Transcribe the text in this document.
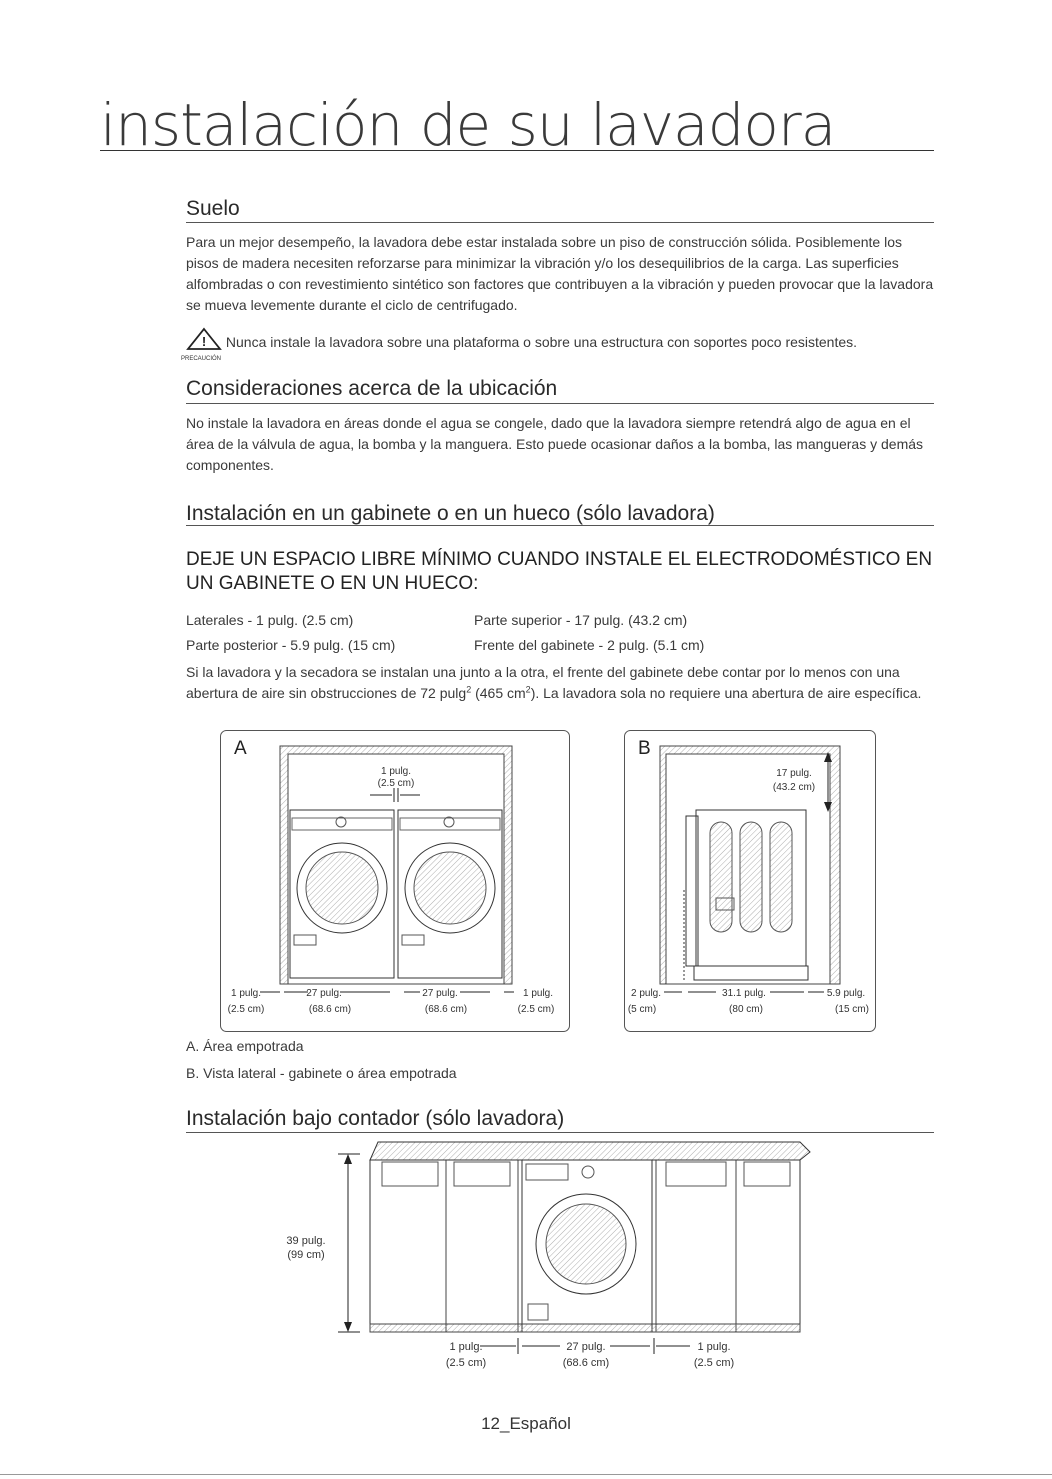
instalación de su lavadora
Suelo

Para un mejor desempeño, la lavadora debe estar instalada sobre un piso de construcción sólida. Posiblemente los pisos de madera necesiten reforzarse para minimizar la vibración y/o los desequilibrios de la carga. Las superficies alfombradas o con revestimiento sintético son factores que contribuyen a la vibración y pueden provocar que la lavadora se mueva levemente durante el ciclo de centrifugado.

! Nunca instale la lavadora sobre una plataforma o sobre una estructura con soportes poco resistentes.
PRECAUCIÓN
Consideraciones acerca de la ubicación

No instale la lavadora en áreas donde el agua se congele, dado que la lavadora siempre retendrá algo de agua en el área de la válvula de agua, la bomba y la manguera. Esto puede ocasionar daños a la bomba, las mangueras y demás componentes.

Instalación en un gabinete o en un hueco (sólo lavadora)

DEJE UN ESPACIO LIBRE MÍNIMO CUANDO INSTALE EL ELECTRODOMÉSTICO EN UN GABINETE O EN UN HUECO:

Laterales - 1 pulg. (2.5 cm)	Parte superior - 17 pulg. (43.2 cm)
Parte posterior - 5.9 pulg. (15 cm)	Frente del gabinete - 2 pulg. (5.1 cm)

Si la lavadora y la secadora se instalan una junto a la otra, el frente del gabinete debe contar por lo menos con una abertura de aire sin obstrucciones de 72 pulg$^2$ (465 $cm^2$). La lavadora sola no requiere una abertura de aire específica.

A
1 pulg.
(2.5 cm)
1 pulg.	27 pulg.	27 pulg.	1 pulg.
(2.5 cm)	(68.6 cm)	(68.6 cm)	(2.5 cm)
B
17 pulg.
(43.2 cm)
2 pulg.	31.1 pulg.	5.9 pulg.
(5 cm)	(80 cm)	(15 cm)
A. Área empotrada
B. Vista lateral - gabinete o área empotrada
Instalación bajo contador (sólo lavadora)
39 pulg.
(99 cm)
1 pulg.	27 pulg.	1 pulg.
(2.5 cm)	(68.6 cm)	(2.5 cm)
12_Español
